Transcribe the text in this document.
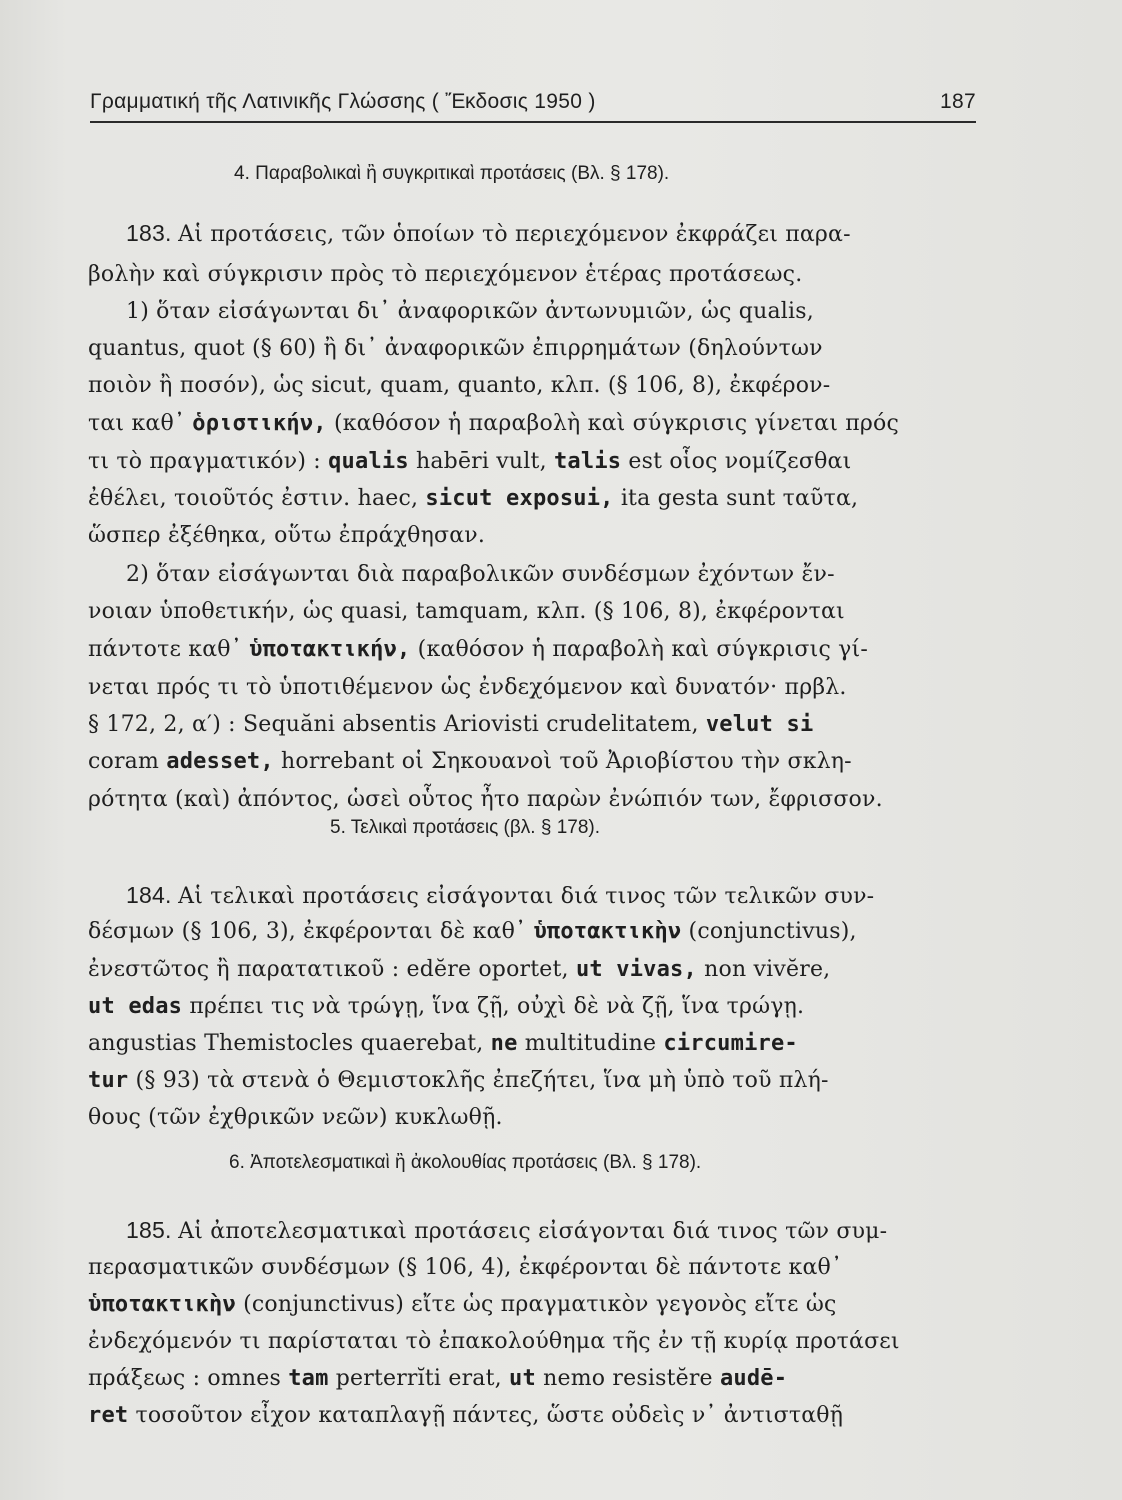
Γραμματική τῆς Λατινικῆς Γλώσσης ( Ἔκδοσις 1950 )	187
4. Παραβολικαὶ ἢ συγκριτικαὶ προτάσεις (Βλ. § 178).
183. Αἱ προτάσεις, τῶν ὁποίων τὸ περιεχόμενον ἐκφράζει παρα-
βολὴν καὶ σύγκρισιν πρὸς τὸ περιεχόμενον ἑτέρας προτάσεως.
1) ὅταν εἰσάγωνται δι᾽ ἀναφορικῶν ἀντωνυμιῶν, ὡς qualis,
quantus, quot (§ 60) ἢ δι᾽ ἀναφορικῶν ἐπιρρημάτων (δηλούντων
ποιὸν ἢ ποσόν), ὡς sicut, quam, quanto, κλπ. (§ 106, 8), ἐκφέρον-
ται καθ᾽ ὁριστικήν, (καθόσον ἡ παραβολὴ καὶ σύγκρισις γίνεται πρός
τι τὸ πραγματικόν) : qualis habēri vult, talis est οἷος νομίζεσθαι
ἐθέλει, τοιοῦτός ἐστιν. haec, sicut exposui, ita gesta sunt ταῦτα,
ὥσπερ ἐξέθηκα, οὕτω ἐπράχθησαν.
2) ὅταν εἰσάγωνται διὰ παραβολικῶν συνδέσμων ἐχόντων ἔν-
νοιαν ὑποθετικήν, ὡς quasi, tamquam, κλπ. (§ 106, 8), ἐκφέρονται
πάντοτε καθ᾽ ὑποτακτικήν, (καθόσον ἡ παραβολὴ καὶ σύγκρισις γί-
νεται πρός τι τὸ ὑποτιθέμενον ὡς ἐνδεχόμενον καὶ δυνατόν· πρβλ.
§ 172, 2, α′) : Sequăni absentis Ariovisti crudelitatem, velut si
coram adesset, horrebant οἱ Σηκουανοὶ τοῦ Ἀριοβίστου τὴν σκλη-
ρότητα (καὶ) ἀπόντος, ὡσεὶ οὗτος ἦτο παρὼν ἐνώπιόν των, ἔφρισσον.
5. Τελικαὶ προτάσεις (βλ. § 178).
184. Αἱ τελικαὶ προτάσεις εἰσάγονται διά τινος τῶν τελικῶν συν-
δέσμων (§ 106, 3), ἐκφέρονται δὲ καθ᾽ ὑποτακτικὴν (conjunctivus),
ἐνεστῶτος ἢ παρατατικοῦ : edĕre oportet, ut vivas, non vivĕre,
ut edas πρέπει τις νὰ τρώγῃ, ἵνα ζῇ, οὐχὶ δὲ νὰ ζῇ, ἵνα τρώγῃ.
angustias Themistocles quaerebat, ne multitudine circumire-
tur (§ 93) τὰ στενὰ ὁ Θεμιστοκλῆς ἐπεζήτει, ἵνα μὴ ὑπὸ τοῦ πλή-
θους (τῶν ἐχθρικῶν νεῶν) κυκλωθῇ.
6. Ἀποτελεσματικαὶ ἢ ἀκολουθίας προτάσεις (Βλ. § 178).
185. Αἱ ἀποτελεσματικαὶ προτάσεις εἰσάγονται διά τινος τῶν συμ-
περασματικῶν συνδέσμων (§ 106, 4), ἐκφέρονται δὲ πάντοτε καθ᾽
ὑποτακτικὴν (conjunctivus) εἴτε ὡς πραγματικὸν γεγονὸς εἴτε ὡς
ἐνδεχόμενόν τι παρίσταται τὸ ἐπακολούθημα τῆς ἐν τῇ κυρίᾳ προτάσει
πράξεως : omnes tam perterrĭti erat, ut nemo resistĕre audē-
ret τοσοῦτον εἶχον καταπλαγῇ πάντες, ὥστε οὐδεὶς ν᾽ ἀντισταθῇ
